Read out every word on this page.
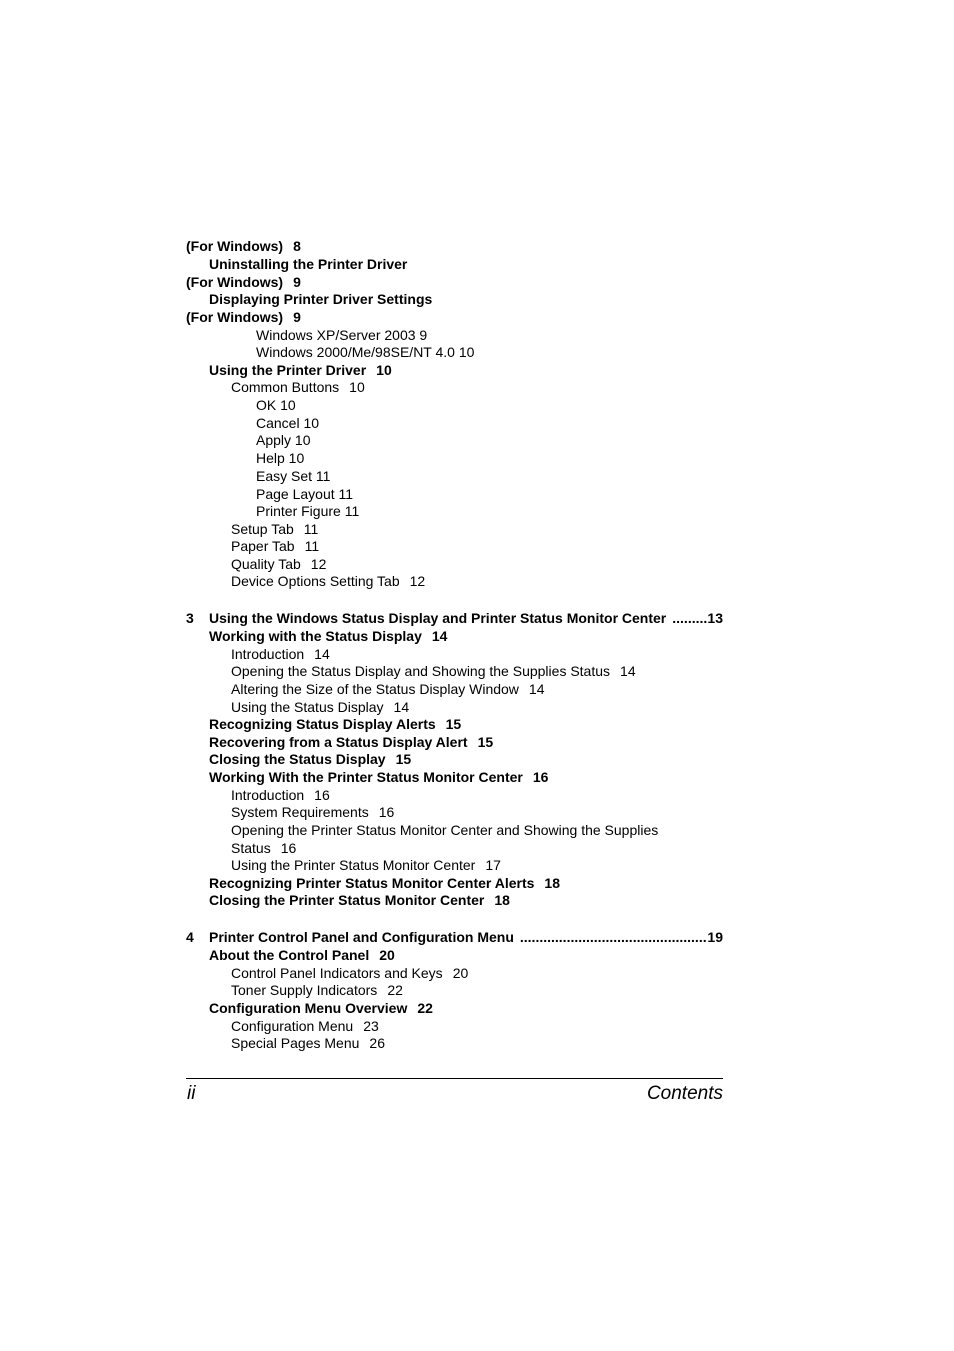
(For Windows) 8
Uninstalling the Printer Driver
(For Windows) 9
Displaying Printer Driver Settings
(For Windows) 9
Windows XP/Server 2003 9
Windows 2000/Me/98SE/NT 4.0 10
Using the Printer Driver 10
Common Buttons 10
OK 10
Cancel 10
Apply 10
Help 10
Easy Set 11
Page Layout 11
Printer Figure 11
Setup Tab 11
Paper Tab 11
Quality Tab 12
Device Options Setting Tab 12
3	Using the Windows Status Display and Printer Status Monitor Center .....	13
Working with the Status Display 14
Introduction 14
Opening the Status Display and Showing the Supplies Status 14
Altering the Size of the Status Display Window 14
Using the Status Display 14
Recognizing Status Display Alerts 15
Recovering from a Status Display Alert 15
Closing the Status Display 15
Working With the Printer Status Monitor Center 16
Introduction 16
System Requirements 16
Opening the Printer Status Monitor Center and Showing the Supplies
Status 16
Using the Printer Status Monitor Center 17
Recognizing Printer Status Monitor Center Alerts 18
Closing the Printer Status Monitor Center 18
4	Printer Control Panel and Configuration Menu .....	19
About the Control Panel 20
Control Panel Indicators and Keys 20
Toner Supply Indicators 22
Configuration Menu Overview 22
Configuration Menu 23
Special Pages Menu 26
ii	Contents
